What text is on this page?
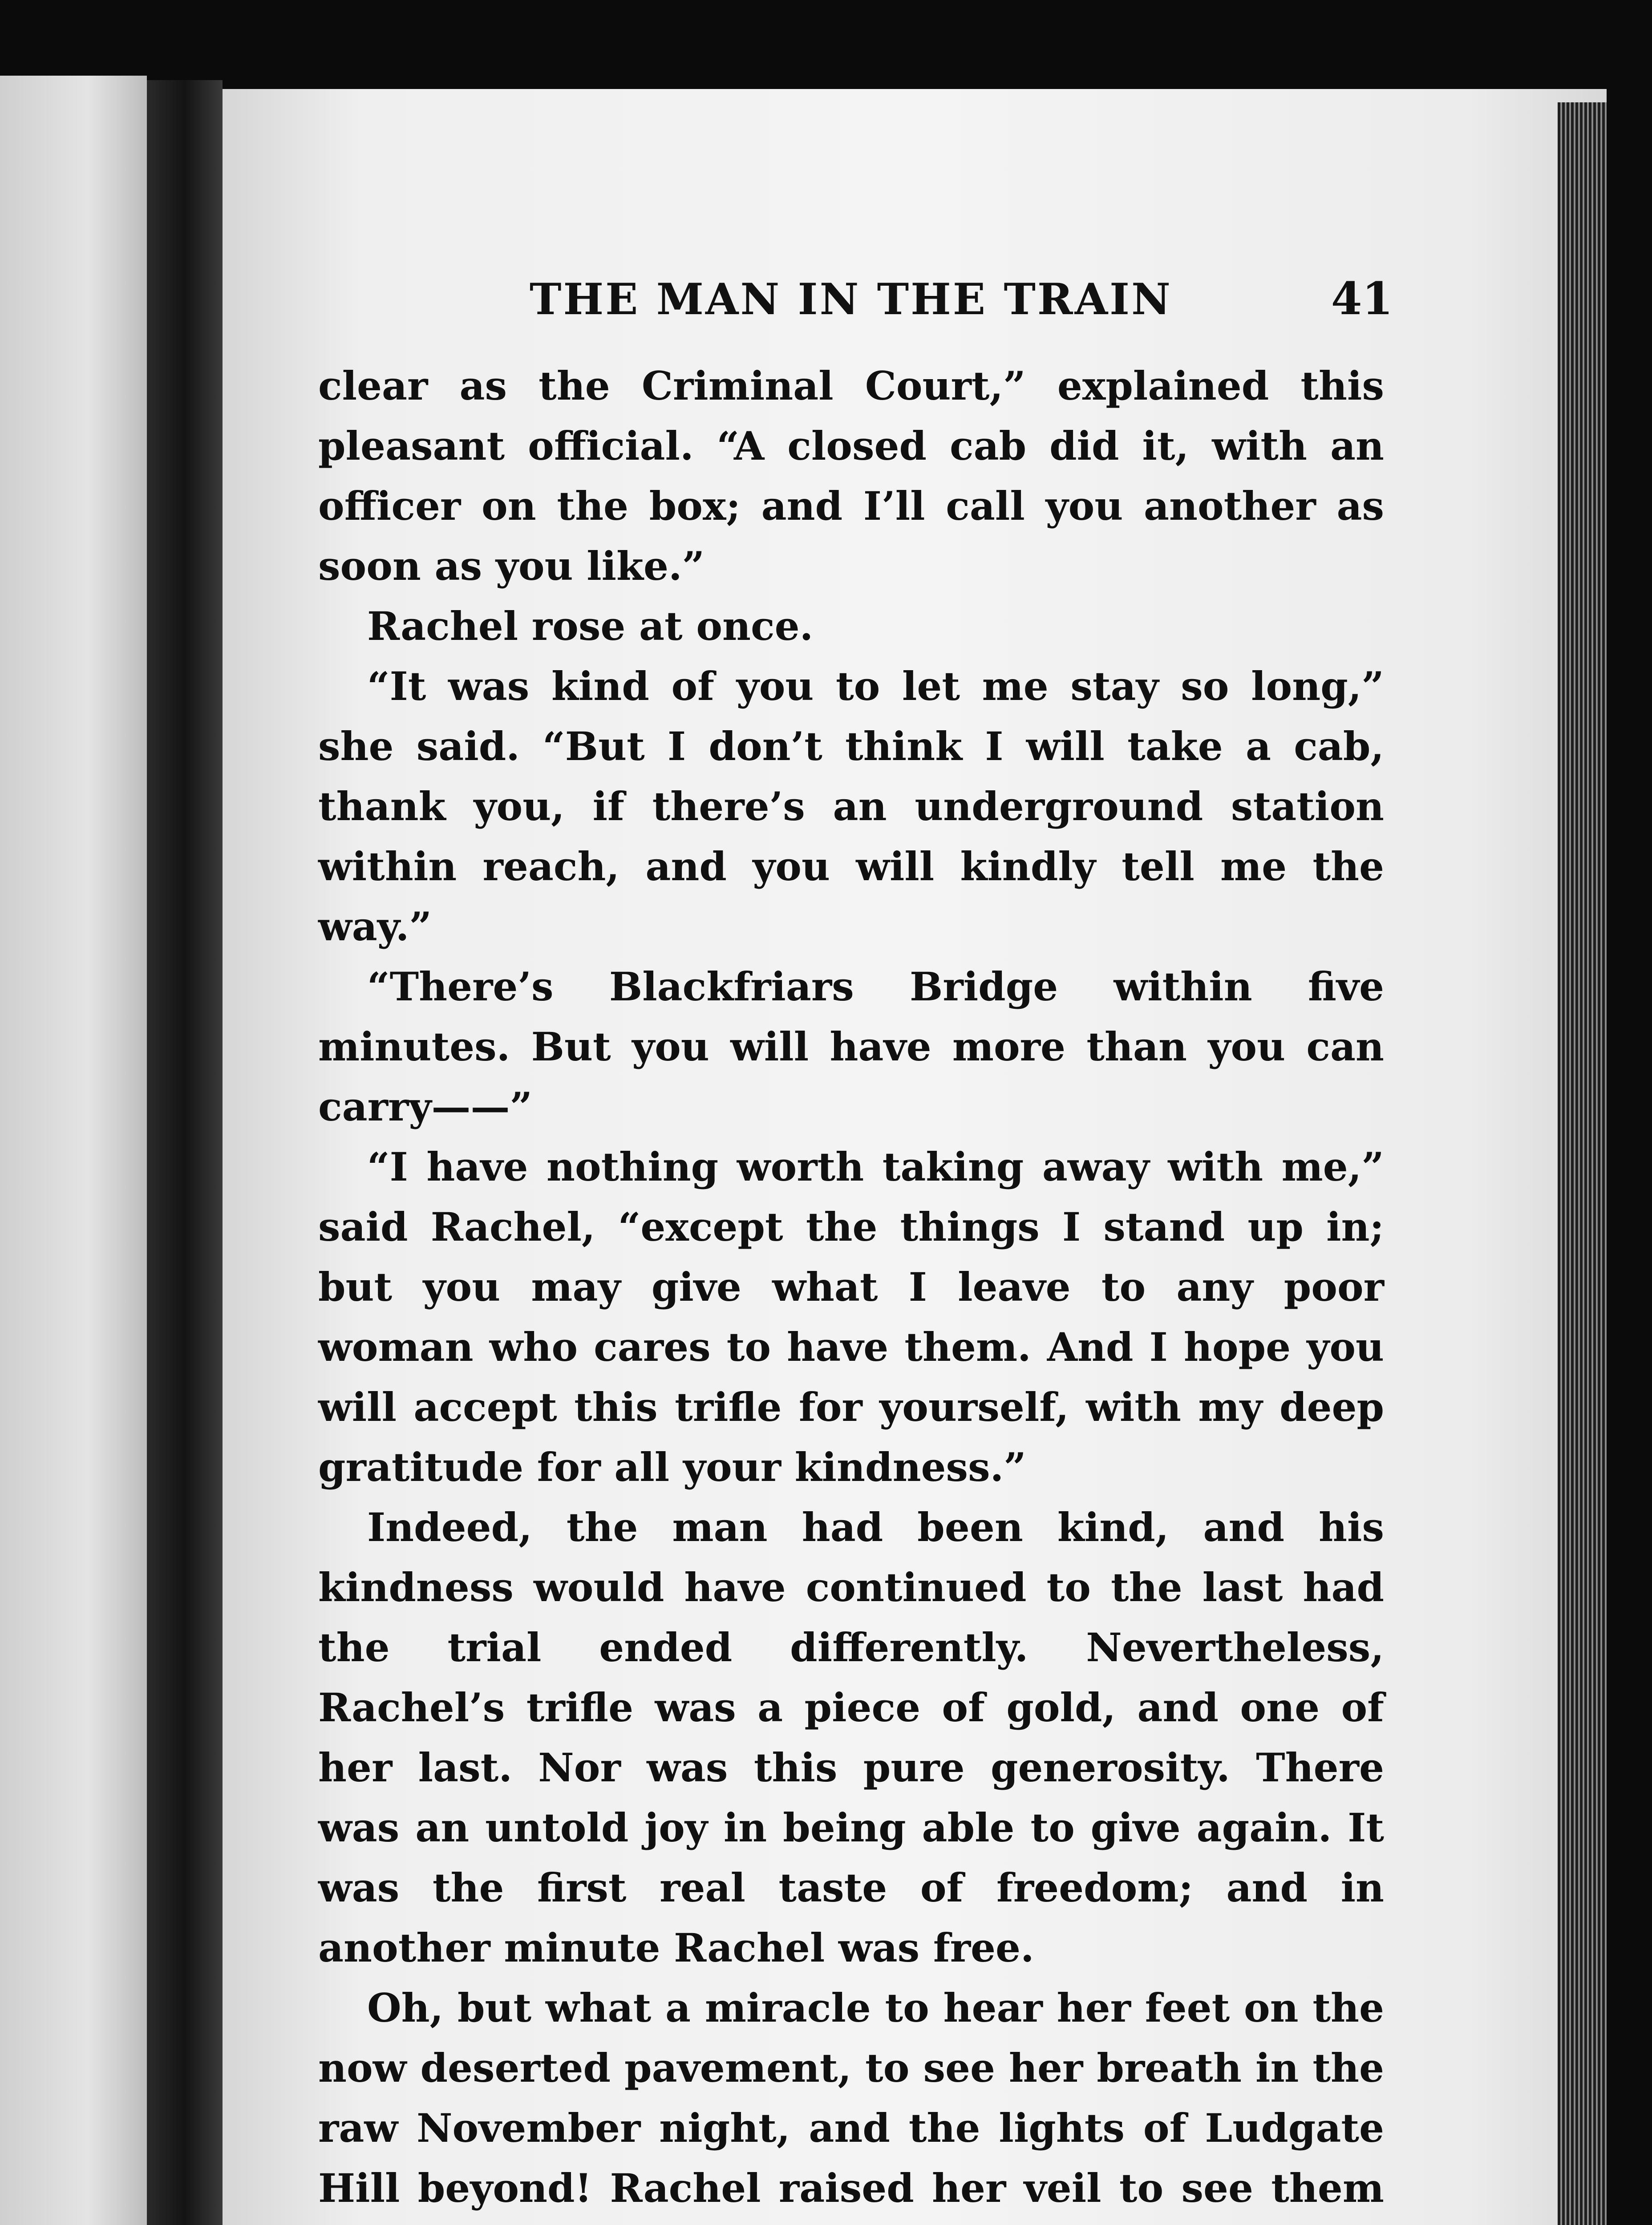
THE MAN IN THE TRAIN	41

clear as the Criminal Court,” explained this pleasant official. “A closed cab did it, with an officer on the box; and I’ll call you another as soon as you like.”

Rachel rose at once.

“It was kind of you to let me stay so long,” she said. “But I don’t think I will take a cab, thank you, if there’s an underground station within reach, and you will kindly tell me the way.”

“There’s Blackfriars Bridge within five minutes. But you will have more than you can carry——”

“I have nothing worth taking away with me,” said Rachel, “except the things I stand up in; but you may give what I leave to any poor woman who cares to have them. And I hope you will accept this trifle for yourself, with my deep gratitude for all your kindness.”

Indeed, the man had been kind, and his kindness would have continued to the last had the trial ended differently. Nevertheless, Rachel’s trifle was a piece of gold, and one of her last. Nor was this pure generosity. There was an untold joy in being able to give again. It was the first real taste of freedom; and in another minute Rachel was free.

Oh, but what a miracle to hear her feet on the now deserted pavement, to see her breath in the raw November night, and the lights of Ludgate Hill beyond! Rachel raised her veil to see them
